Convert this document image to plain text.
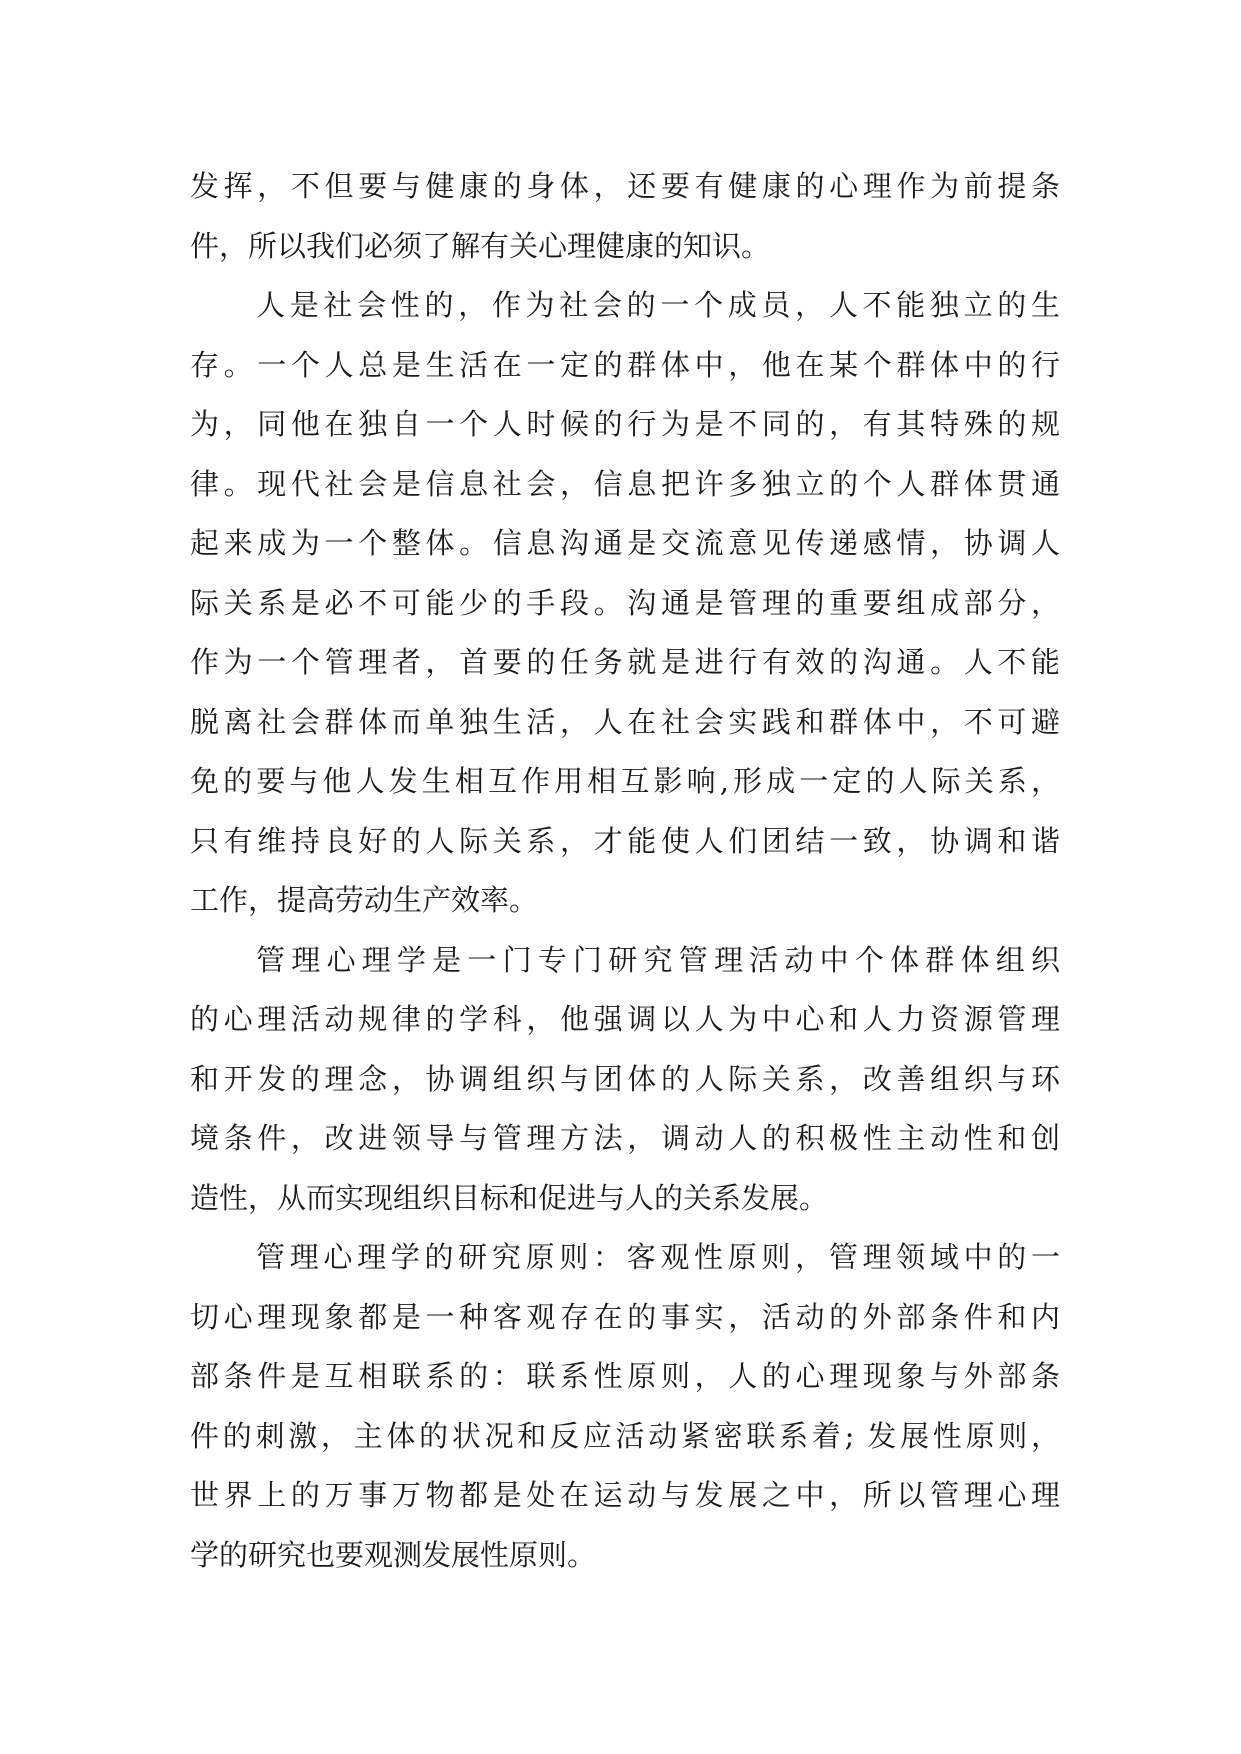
发挥，不但要与健康的身体，还要有健康的心理作为前提条
件，所以我们必须了解有关心理健康的知识。
人是社会性的，作为社会的一个成员，人不能独立的生
存。一个人总是生活在一定的群体中，他在某个群体中的行
为，同他在独自一个人时候的行为是不同的，有其特殊的规
律。现代社会是信息社会，信息把许多独立的个人群体贯通
起来成为一个整体。信息沟通是交流意见传递感情，协调人
际关系是必不可能少的手段。沟通是管理的重要组成部分，
作为一个管理者，首要的任务就是进行有效的沟通。人不能
脱离社会群体而单独生活，人在社会实践和群体中，不可避
免的要与他人发生相互作用相互影响,形成一定的人际关系，
只有维持良好的人际关系，才能使人们团结一致，协调和谐
工作，提高劳动生产效率。
管理心理学是一门专门研究管理活动中个体群体组织
的心理活动规律的学科，他强调以人为中心和人力资源管理
和开发的理念，协调组织与团体的人际关系，改善组织与环
境条件，改进领导与管理方法，调动人的积极性主动性和创
造性，从而实现组织目标和促进与人的关系发展。
管理心理学的研究原则：客观性原则，管理领域中的一
切心理现象都是一种客观存在的事实，活动的外部条件和内
部条件是互相联系的：联系性原则，人的心理现象与外部条
件的刺激，主体的状况和反应活动紧密联系着; 发展性原则，
世界上的万事万物都是处在运动与发展之中，所以管理心理
学的研究也要观测发展性原则。
